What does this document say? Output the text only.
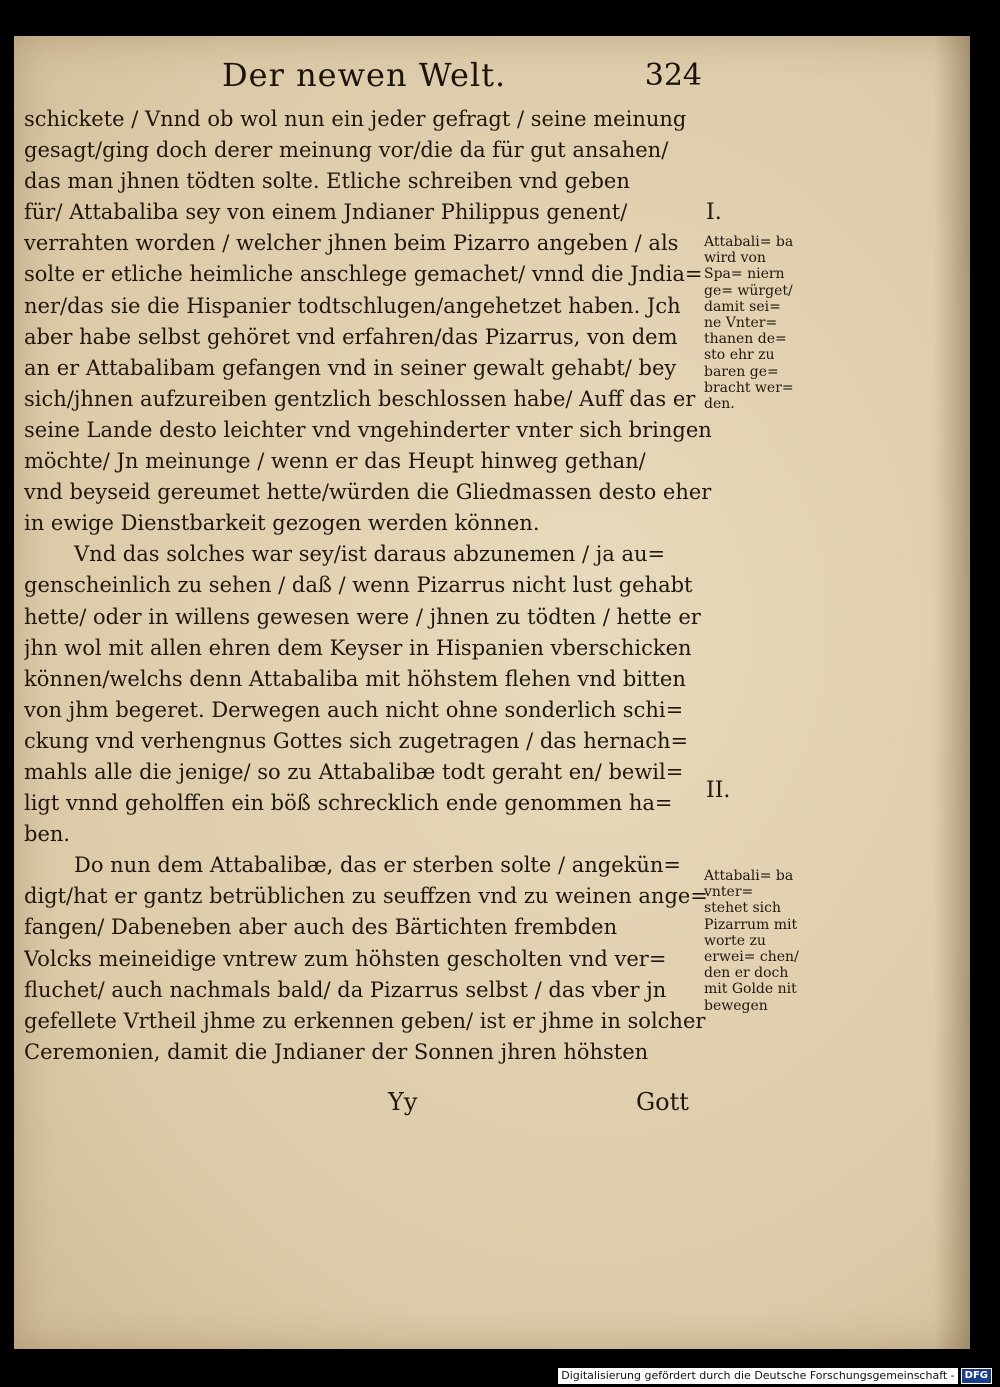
Der newen Welt.	324
schickete / Vnnd ob wol nun ein jeder gefragt / seine meinung
gesagt/ging doch derer meinung vor/die da für gut ansahen/
das man jhnen tödten solte. Etliche schreiben vnd geben
für/ Attabaliba sey von einem Jndianer Philippus genent/
verrahten worden / welcher jhnen beim Pizarro angeben / als
solte er etliche heimliche anschlege gemachet/ vnnd die Jndia=
ner/das sie die Hispanier todtschlugen/angehetzet haben. Jch
aber habe selbst gehöret vnd erfahren/das Pizarrus, von dem
an er Attabalibam gefangen vnd in seiner gewalt gehabt/ bey
sich/jhnen aufzureiben gentzlich beschlossen habe/ Auff das er
seine Lande desto leichter vnd vngehinderter vnter sich bringen
möchte/ Jn meinunge / wenn er das Heupt hinweg gethan/
vnd beyseid gereumet hette/würden die Gliedmassen desto eher
in ewige Dienstbarkeit gezogen werden können.
Vnd das solches war sey/ist daraus abzunemen / ja au=
genscheinlich zu sehen / daß / wenn Pizarrus nicht lust gehabt
hette/ oder in willens gewesen were / jhnen zu tödten / hette er
jhn wol mit allen ehren dem Keyser in Hispanien vberschicken
können/welchs denn Attabaliba mit höhstem flehen vnd bitten
von jhm begeret. Derwegen auch nicht ohne sonderlich schi=
ckung vnd verhengnus Gottes sich zugetragen / das hernach=
mahls alle die jenige/ so zu Attabalibæ todt geraht en/ bewil=
ligt vnnd geholffen ein böß schrecklich ende genommen ha=
ben.
Do nun dem Attabalibæ, das er sterben solte / angekün=
digt/hat er gantz betrüblichen zu seuffzen vnd zu weinen ange=
fangen/ Dabeneben aber auch des Bärtichten frembden
Volcks meineidige vntrew zum höhsten gescholten vnd ver=
fluchet/ auch nachmals bald/ da Pizarrus selbst / das vber jn
gefellete Vrtheil jhme zu erkennen geben/ ist er jhme in solcher
Ceremonien, damit die Jndianer der Sonnen jhren höhsten
Yy	Gott
I.
Attabali= ba wird von Spa= niern ge= würget/ damit sei= ne Vnter= thanen de= sto ehr zu baren ge= bracht wer= den.
II.
Attabali= ba vnter= stehet sich Pizarrum mit worte zu erwei= chen/ den er doch mit Golde nit bewegen
Digitalisierung gefördert durch die Deutsche Forschungsgemeinschaft -	DFG
